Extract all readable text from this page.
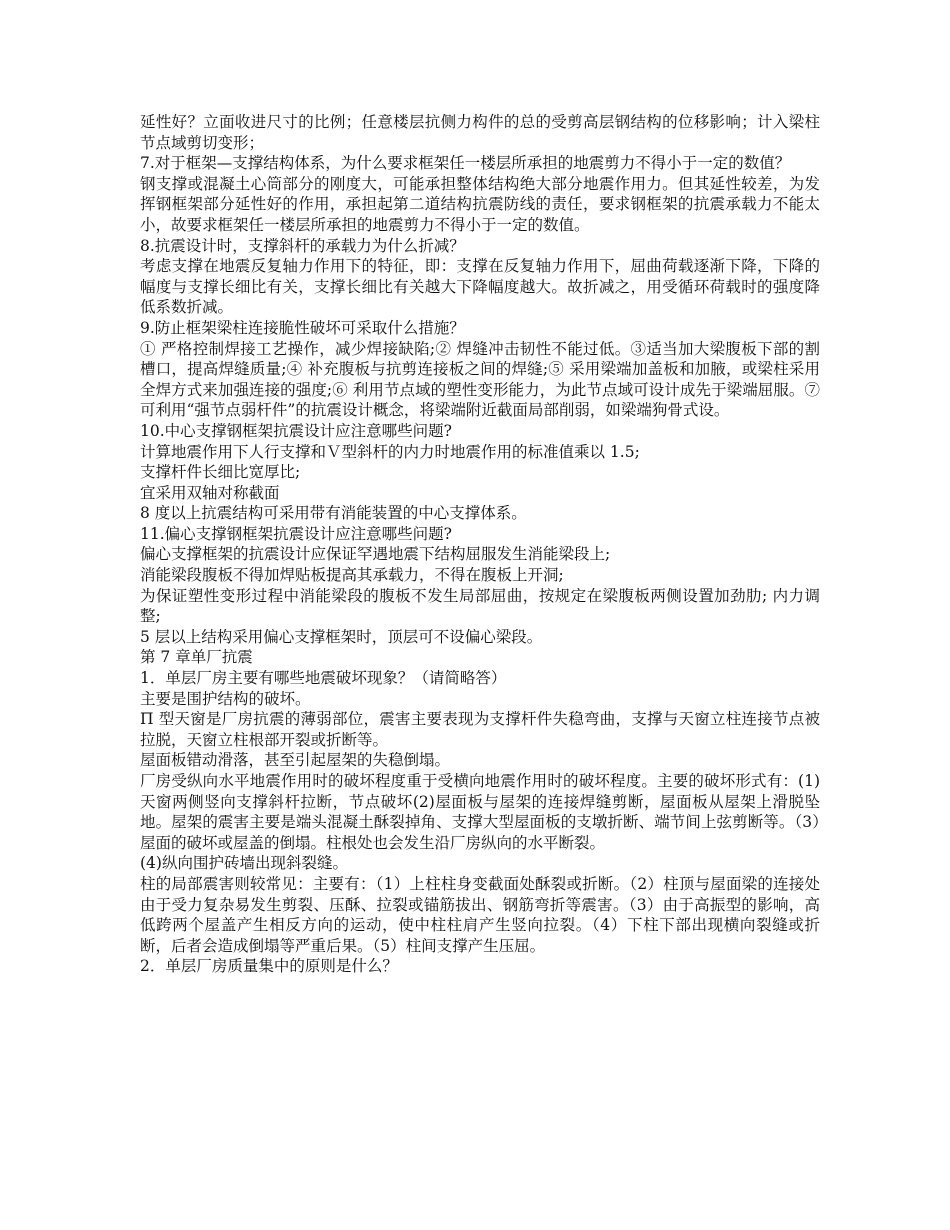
延性好？立面收进尺寸的比例；任意楼层抗侧力构件的总的受剪高层钢结构的位移影响；计入梁柱节点域剪切变形；

7.对于框架—支撑结构体系，为什么要求框架任一楼层所承担的地震剪力不得小于一定的数值？

钢支撑或混凝土心筒部分的刚度大，可能承担整体结构绝大部分地震作用力。但其延性较差，为发挥钢框架部分延性好的作用，承担起第二道结构抗震防线的责任，要求钢框架的抗震承载力不能太小，故要求框架任一楼层所承担的地震剪力不得小于一定的数值。

8.抗震设计时，支撑斜杆的承载力为什么折减？

考虑支撑在地震反复轴力作用下的特征，即：支撑在反复轴力作用下，屈曲荷载逐渐下降，下降的幅度与支撑长细比有关，支撑长细比有关越大下降幅度越大。故折减之，用受循环荷载时的强度降低系数折减。

9.防止框架梁柱连接脆性破坏可采取什么措施？

① 严格控制焊接工艺操作，减少焊接缺陷;② 焊缝冲击韧性不能过低。③适当加大梁腹板下部的割槽口，提高焊缝质量;④ 补充腹板与抗剪连接板之间的焊缝;⑤ 采用梁端加盖板和加腋，或梁柱采用全焊方式来加强连接的强度;⑥ 利用节点域的塑性变形能力，为此节点域可设计成先于梁端屈服。⑦可利用“强节点弱杆件”的抗震设计概念，将梁端附近截面局部削弱，如梁端狗骨式设。

10.中心支撑钢框架抗震设计应注意哪些问题?

计算地震作用下人行支撑和Ｖ型斜杆的内力时地震作用的标准值乘以 1.5;

支撑杆件长细比宽厚比;

宜采用双轴对称截面

8 度以上抗震结构可采用带有消能装置的中心支撑体系。

11.偏心支撑钢框架抗震设计应注意哪些问题?

偏心支撑框架的抗震设计应保证罕遇地震下结构屈服发生消能梁段上;

消能梁段腹板不得加焊贴板提高其承载力，不得在腹板上开洞;

为保证塑性变形过程中消能梁段的腹板不发生局部屈曲，按规定在梁腹板两侧设置加劲肋; 内力调整;

5 层以上结构采用偏心支撑框架时，顶层可不设偏心梁段。

第 7 章单厂抗震

1．单层厂房主要有哪些地震破坏现象？（请简略答）

主要是围护结构的破坏。

Π 型天窗是厂房抗震的薄弱部位，震害主要表现为支撑杆件失稳弯曲，支撑与天窗立柱连接节点被拉脱，天窗立柱根部开裂或折断等。

屋面板错动滑落，甚至引起屋架的失稳倒塌。

厂房受纵向水平地震作用时的破坏程度重于受横向地震作用时的破坏程度。主要的破坏形式有：(1)天窗两侧竖向支撑斜杆拉断，节点破坏(2)屋面板与屋架的连接焊缝剪断，屋面板从屋架上滑脱坠地。屋架的震害主要是端头混凝土酥裂掉角、支撑大型屋面板的支墩折断、端节间上弦剪断等。（3）屋面的破坏或屋盖的倒塌。柱根处也会发生沿厂房纵向的水平断裂。

(4)纵向围护砖墙出现斜裂缝。

柱的局部震害则较常见：主要有：（1）上柱柱身变截面处酥裂或折断。（2）柱顶与屋面梁的连接处由于受力复杂易发生剪裂、压酥、拉裂或锚筋拔出、钢筋弯折等震害。（3）由于高振型的影响，高低跨两个屋盖产生相反方向的运动，使中柱柱肩产生竖向拉裂。（4）下柱下部出现横向裂缝或折断，后者会造成倒塌等严重后果。（5）柱间支撑产生压屈。

2．单层厂房质量集中的原则是什么？
